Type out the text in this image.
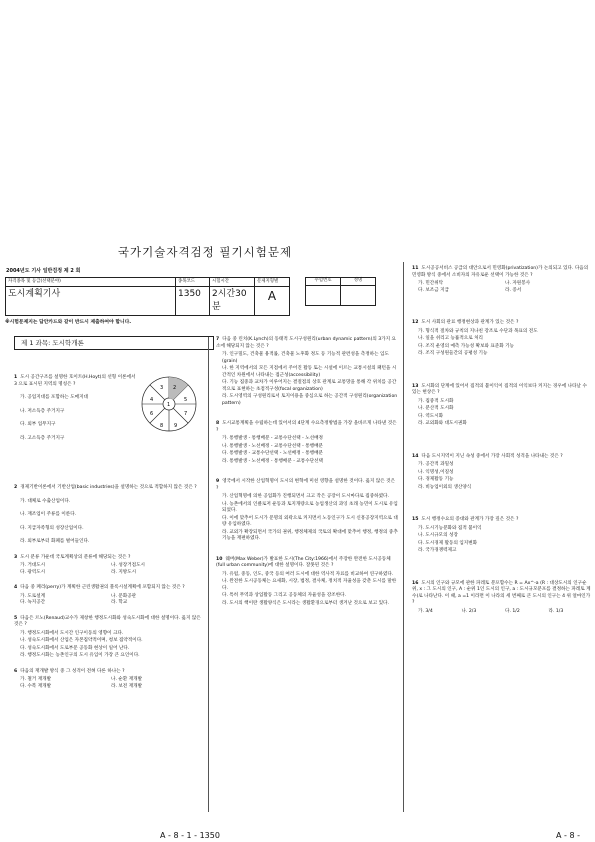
국가기술자격검정 필기시험문제
2004년도 기사 일반검정 제 2 회
자격종목 및 등급(선택분야)	종목코드	시험시간	문제지형별	
도시계획기사	1350	2시간30분	A	
수험번호	성명

※시험문제지는 답안카드와 같이 반드시 제출하여야 합니다.
제 1 과목: 도시학개론
3 2
4
1
5
6	7
8 9
1 도시 공간구조를 설명한 호이트(H.Hoyt)의 선형 이론에서 3 으로 표시된 지역의 명칭은 ?
가. 공업지대를 포함하는 도매지대
나. 저소득층 주거지구
다. 외부 업무지구
라. 고소득층 주거지구
2 경제기반이론에서 기반산업(basic industries)을 설명하는 것으로 적합하지 않은 것은 ?
가. 대체로 수출산업이다.
나. 재조업이 주류를 이룬다.
다. 지급자족형의 성장산업이다.
라. 외부로부터 화폐를 벌어들인다.
3 도시 분류 가운데 국토계획상의 분류에 해당되는 것은 ?
가. 거대도시	나. 성장거점도시
다. 광역도시	라. 지방도시
4 다음 중 페리(perry)가 계획한 근린생활권의 블록시설계획에 포함되지 않는 것은 ?
가. 도로설계	나. 문화공관
다. 녹지공간	라. 학교
5 다음은 르노(Renaud)교수가 제창한 행정도시화와 성숙도시화에 대한 설명이다. 옳지 않은 것은 ?
가. 행정도시화에서 도시간 인구이동의 영향이 크다.
나. 성숙도시화에서 산업은 자본집약적이며, 청보 집약적이다.
다. 성숙도시화에서 도로부문 공동화 현상이 일어 난다.
라. 행정도시화는 농촌인구의 도시 유입이 가장 큰 요인이다.
6 다음의 재개발 방식 중 그 성격이 전혀 다른 하나는 ?
가. 철거 재개발	나. 순환 재개발
다. 수복 재개발	라. 보전 재개발
7 다음 중 린치(K.Lynch)의 동태적 도시구성원리(urban dynamic pattern)의 3가지 요소에 해당되지 않는 것은 ?
가. 인구밀도, 건축물 용적률, 건축물 노후화 정도 등 기능적 관련성을 측정하는 입도(grain)
나. 한 지역에서의 모든 지점에서 주어진 활동 또는 시설에 이르는 교통시설의 패턴을 시간적인 차원에서 나타내는 접근성(accessibility)
다. 기능 집중과 교차가 이루어지는 결절점의 상호 관계로 교통망을 통해 각 위치를 공간적으로 표현하는 초점적구성(focal organization)
라. 도시영역의 구성원리로서 토지이용을 중심으로 하는 공간적 구성원리(organization pattern)
8 도시교통계획을 수립하는데 있어서의 4단계 수요측정방법을 가장 올바르게 나타낸 것은 ?
가. 통행발생 - 통행배분 - 교통수단선택 - 노선배정
나. 통행발생 - 노선배정 - 교통수단선택 - 통행배분
다. 통행발생 - 교통수단선택 - 노선배정 - 통행배분
라. 통행발생 - 노선배정 - 통행배분 - 교통수단선택
9 영국에서 시작한 산업혁명이 도시의 변혁에 미친 영향을 설명한 것이다. 옳지 않은 것은 ?
가. 산업혁명에 의한 공업화가 진행되면서 크고 작은 공장이 도시마다로 집중하였다.
나. 농촌에서의 인클로저 운동과 토지개량으로 농업생산의 과잉 초래 농민이 도시로 유입되었다.
다. 이에 맞추어 도시가 문명의 외곽으로 커지면서 노동인구가 도시 신흥공장지역으로 대량 유입하였다.
라. 교외가 확장되면서 국가의 권위, 행정체제의 국토의 확대에 맞추어 행정, 행정의 중추기능을 재편하였다.
10 웨버(Max Weber)가 발표한 도시(The City:1966)에서 주장한 완전한 도시공동체(full urban community)에 대한 설명이다. 잘못된 것은 ?
가. 유럽, 중동, 인도, 중국 등의 여러 도시에 대한 역사적 자료를 비교하여 연구하였다.
나. 완전한 도시공동체는 요새화, 시장, 법정, 결사체, 정치적 자율성을 갖춘 도시를 말한다.
다. 특히 무역과 상업활동 그리고 공동체의 자율성을 강조한다.
라. 도시의 핵이란 생활양식은 도시라는 생활환경으로부터 생겨난 것으로 보고 있다.
11 도시공공서비스 공급의 대안으로서 민영화(privatization)가 논의되고 있다. 다음의 민영화 방식 중에서 소비자의 자유로운 선택이 가능한 것은 ?
가. 민간위탁	나. 자원봉사
다. 보조금 지급	라. 증서
12 도시 사회의 관료 행정현상과 관계가 있는 것은 ?
가. 형식적 절차와 규칙의 지나친 강조로 수단과 목표의 전도
나. 일을 쉬리고 능률적으로 처리
다. 조직 운영의 예측 가능성 확보와 표준화 기능
라. 조직 구성원들간의 공평성 기능
13 도시화의 단계에 있어서 집적의 불이익이 집적의 이익보다 커지는 경우에 나타날 수 있는 현상은 ?
가. 집중적 도시화
나. 분산적 도시화
다. 역도시화
라. 교외화와 대도시권화
14 다음 도시지역이 지닌 속성 중에서 가장 사회적 성격을 나타내는 것은 ?
가. 공간적 과밀성
나. 익명성,이질성
다. 경제활동 기능
라. 비농업이외의 생산양식
15 도시 행정수요의 증대와 관계가 가장 깊은 것은 ?
가. 도시기능분화와 집적 불이익
나. 도시규모의 성장
다. 도시경제 활동의 입지변화
라. 국가경쟁력제고
16 도시의 인구와 규모에 관한 파레토 분포함수는 R = Ax^-a (R : 대상도시의 인구순위, x : 그 도시의 인구, A : 순위 1인 도시의 인구, a : 도시규모분포를 결정하는 파레토 계수)로 나타난다. 이 때, a =1 이라면 이 나라의 세 번째로 큰 도시의 인구는 4 위 얼마인가 ?
가. 3/4	나. 2/3	다. 1/2	라. 1/3
A - 8 - 1 - 1350	A - 8 -
